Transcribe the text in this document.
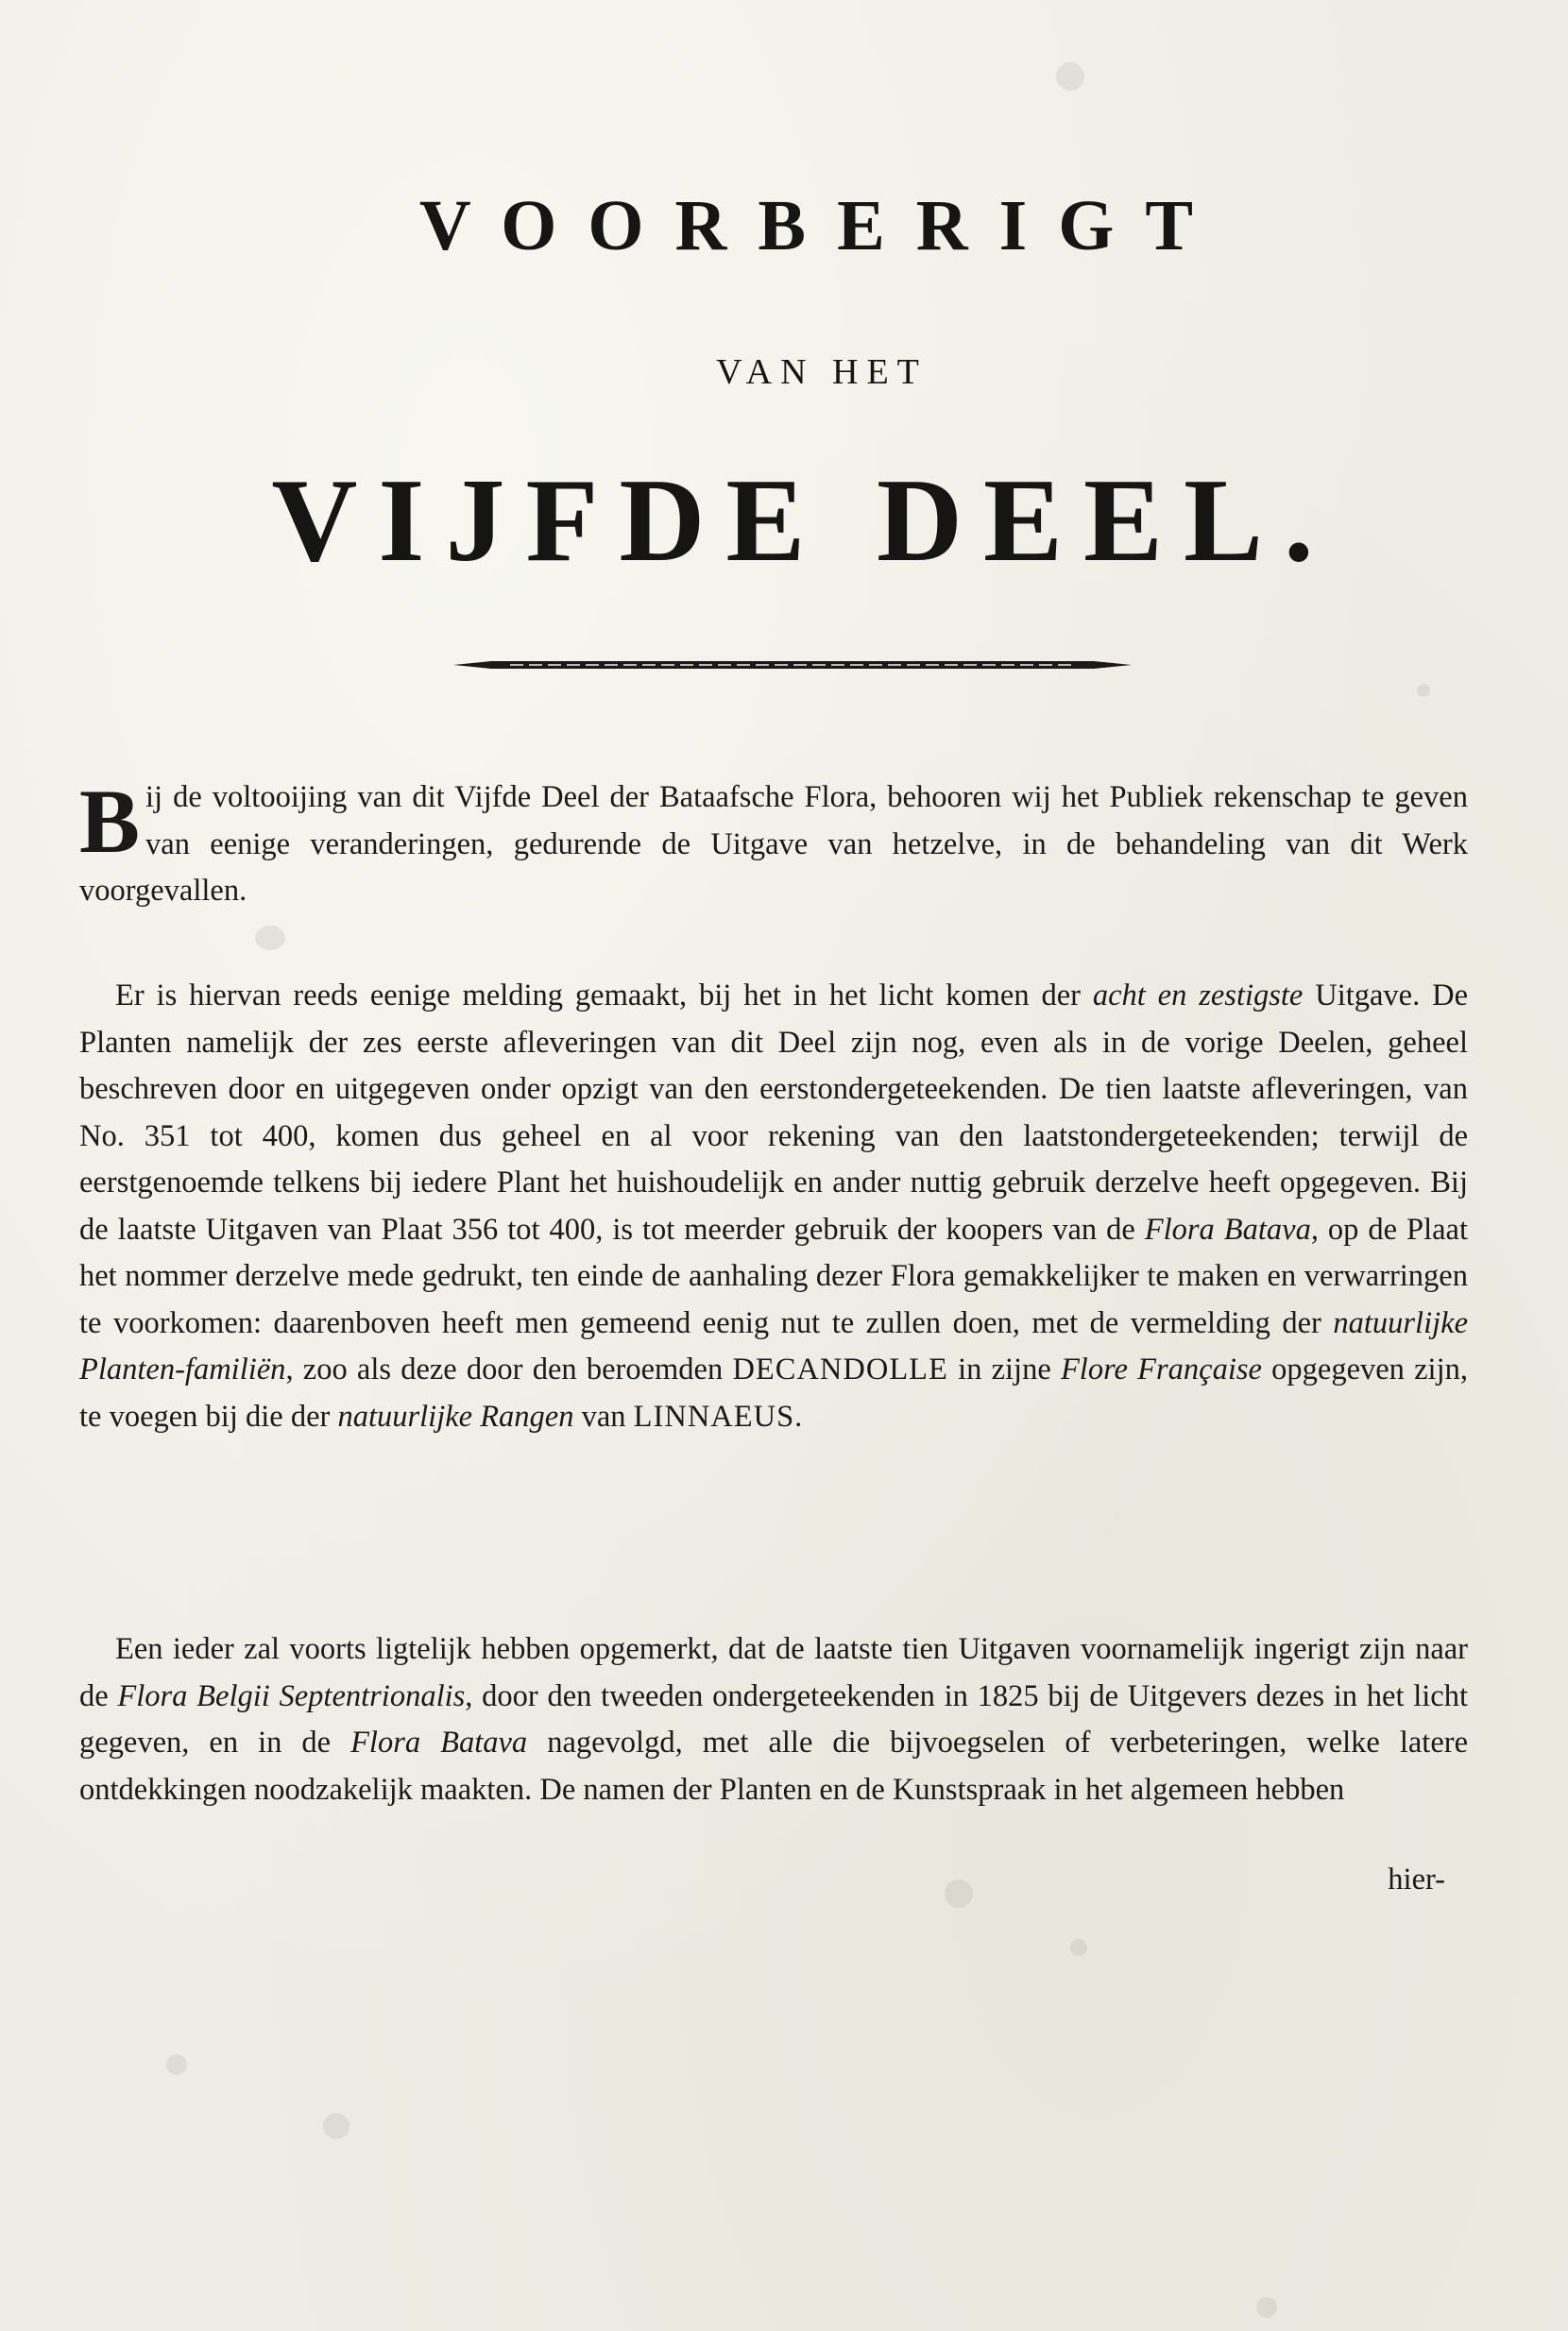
VOORBERIGT
VAN HET
VIJFDE DEEL.
Bij de voltooijing van dit Vijfde Deel der Bataafsche Flora, behooren wij het Publiek rekenschap te geven van eenige veranderingen, gedurende de Uitgave van hetzelve, in de behandeling van dit Werk voorgevallen.
Er is hiervan reeds eenige melding gemaakt, bij het in het licht komen der acht en zestigste Uitgave. De Planten namelijk der zes eerste afleveringen van dit Deel zijn nog, even als in de vorige Deelen, geheel beschreven door en uitgegeven onder opzigt van den eerstondergeteekenden. De tien laatste afleveringen, van No. 351 tot 400, komen dus geheel en al voor rekening van den laatstondergeteekenden; terwijl de eerstgenoemde telkens bij iedere Plant het huishoudelijk en ander nuttig gebruik derzelve heeft opgegeven. Bij de laatste Uitgaven van Plaat 356 tot 400, is tot meerder gebruik der koopers van de Flora Batava, op de Plaat het nommer derzelve mede gedrukt, ten einde de aanhaling dezer Flora gemakkelijker te maken en verwarringen te voorkomen: daarenboven heeft men gemeend eenig nut te zullen doen, met de vermelding der natuurlijke Planten-familiën, zoo als deze door den beroemden DECANDOLLE in zijne Flore Française opgegeven zijn, te voegen bij die der natuurlijke Rangen van LINNAEUS.
Een ieder zal voorts ligtelijk hebben opgemerkt, dat de laatste tien Uitgaven voornamelijk ingerigt zijn naar de Flora Belgii Septentrionalis, door den tweeden ondergeteekenden in 1825 bij de Uitgevers dezes in het licht gegeven, en in de Flora Batava nagevolgd, met alle die bijvoegselen of verbeteringen, welke latere ontdekkingen noodzakelijk maakten. De namen der Planten en de Kunstspraak in het algemeen hebben
hier-
